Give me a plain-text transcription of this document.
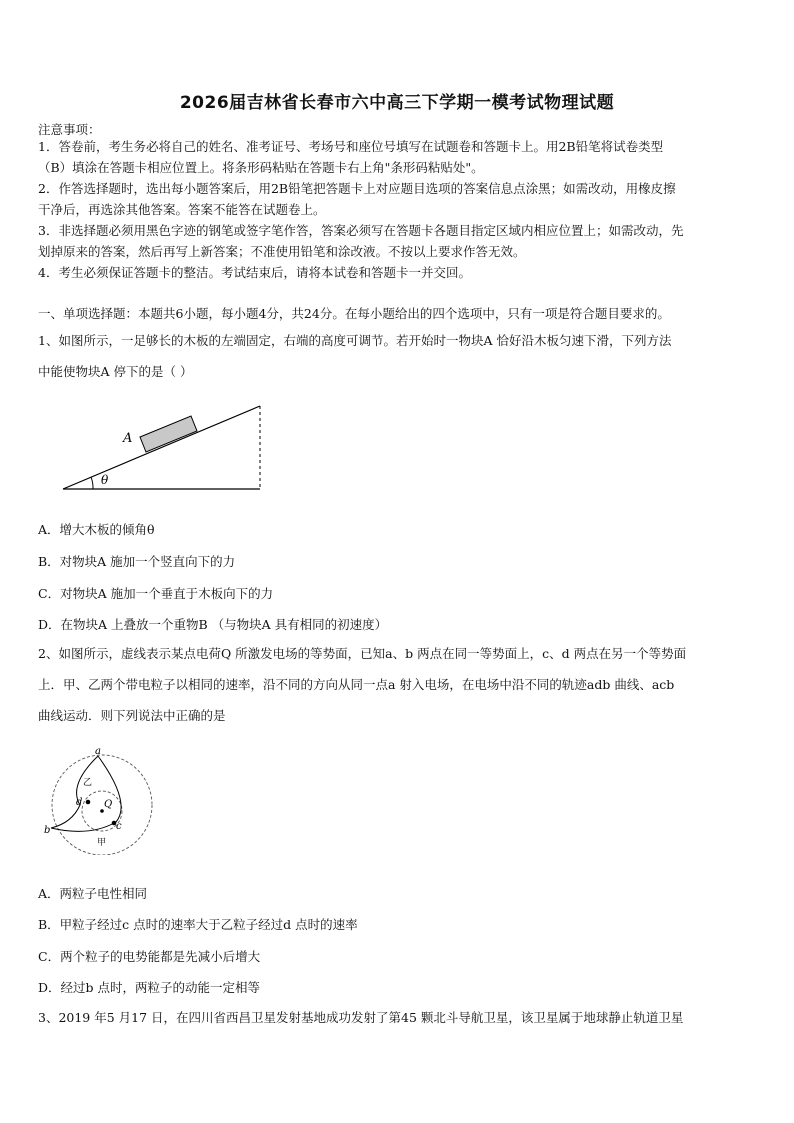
2026届吉林省长春市六中高三下学期一模考试物理试题
注意事项：
1．答卷前，考生务必将自己的姓名、准考证号、考场号和座位号填写在试题卷和答题卡上。用2B铅笔将试卷类型
（B）填涂在答题卡相应位置上。将条形码粘贴在答题卡右上角"条形码粘贴处"。
2．作答选择题时，选出每小题答案后，用2B铅笔把答题卡上对应题目选项的答案信息点涂黑；如需改动，用橡皮擦
干净后，再选涂其他答案。答案不能答在试题卷上。
3．非选择题必须用黑色字迹的钢笔或签字笔作答，答案必须写在答题卡各题目指定区域内相应位置上；如需改动，先
划掉原来的答案，然后再写上新答案；不准使用铅笔和涂改液。不按以上要求作答无效。
4．考生必须保证答题卡的整洁。考试结束后，请将本试卷和答题卡一并交回。
一、单项选择题：本题共6小题，每小题4分，共24分。在每小题给出的四个选项中，只有一项是符合题目要求的。
1、如图所示，一足够长的木板的左端固定，右端的高度可调节。若开始时一物块A 恰好沿木板匀速下滑，下列方法
中能使物块A 停下的是（ ）
A
θ
A．增大木板的倾角θ
B．对物块A 施加一个竖直向下的力
C．对物块A 施加一个垂直于木板向下的力
D．在物块A 上叠放一个重物B （与物块A 具有相同的初速度）
2、如图所示，虚线表示某点电荷Q 所激发电场的等势面，已知a、b 两点在同一等势面上，c、d 两点在另一个等势面
上．甲、乙两个带电粒子以相同的速率，沿不同的方向从同一点a 射入电场，在电场中沿不同的轨迹adb 曲线、acb
曲线运动．则下列说法中正确的是
a
b	c
d Q
乙
甲
A．两粒子电性相同
B．甲粒子经过c 点时的速率大于乙粒子经过d 点时的速率
C．两个粒子的电势能都是先减小后增大
D．经过b 点时，两粒子的动能一定相等
3、2019 年5 月17 日，在四川省西昌卫星发射基地成功发射了第45 颗北斗导航卫星，该卫星属于地球静止轨道卫星
